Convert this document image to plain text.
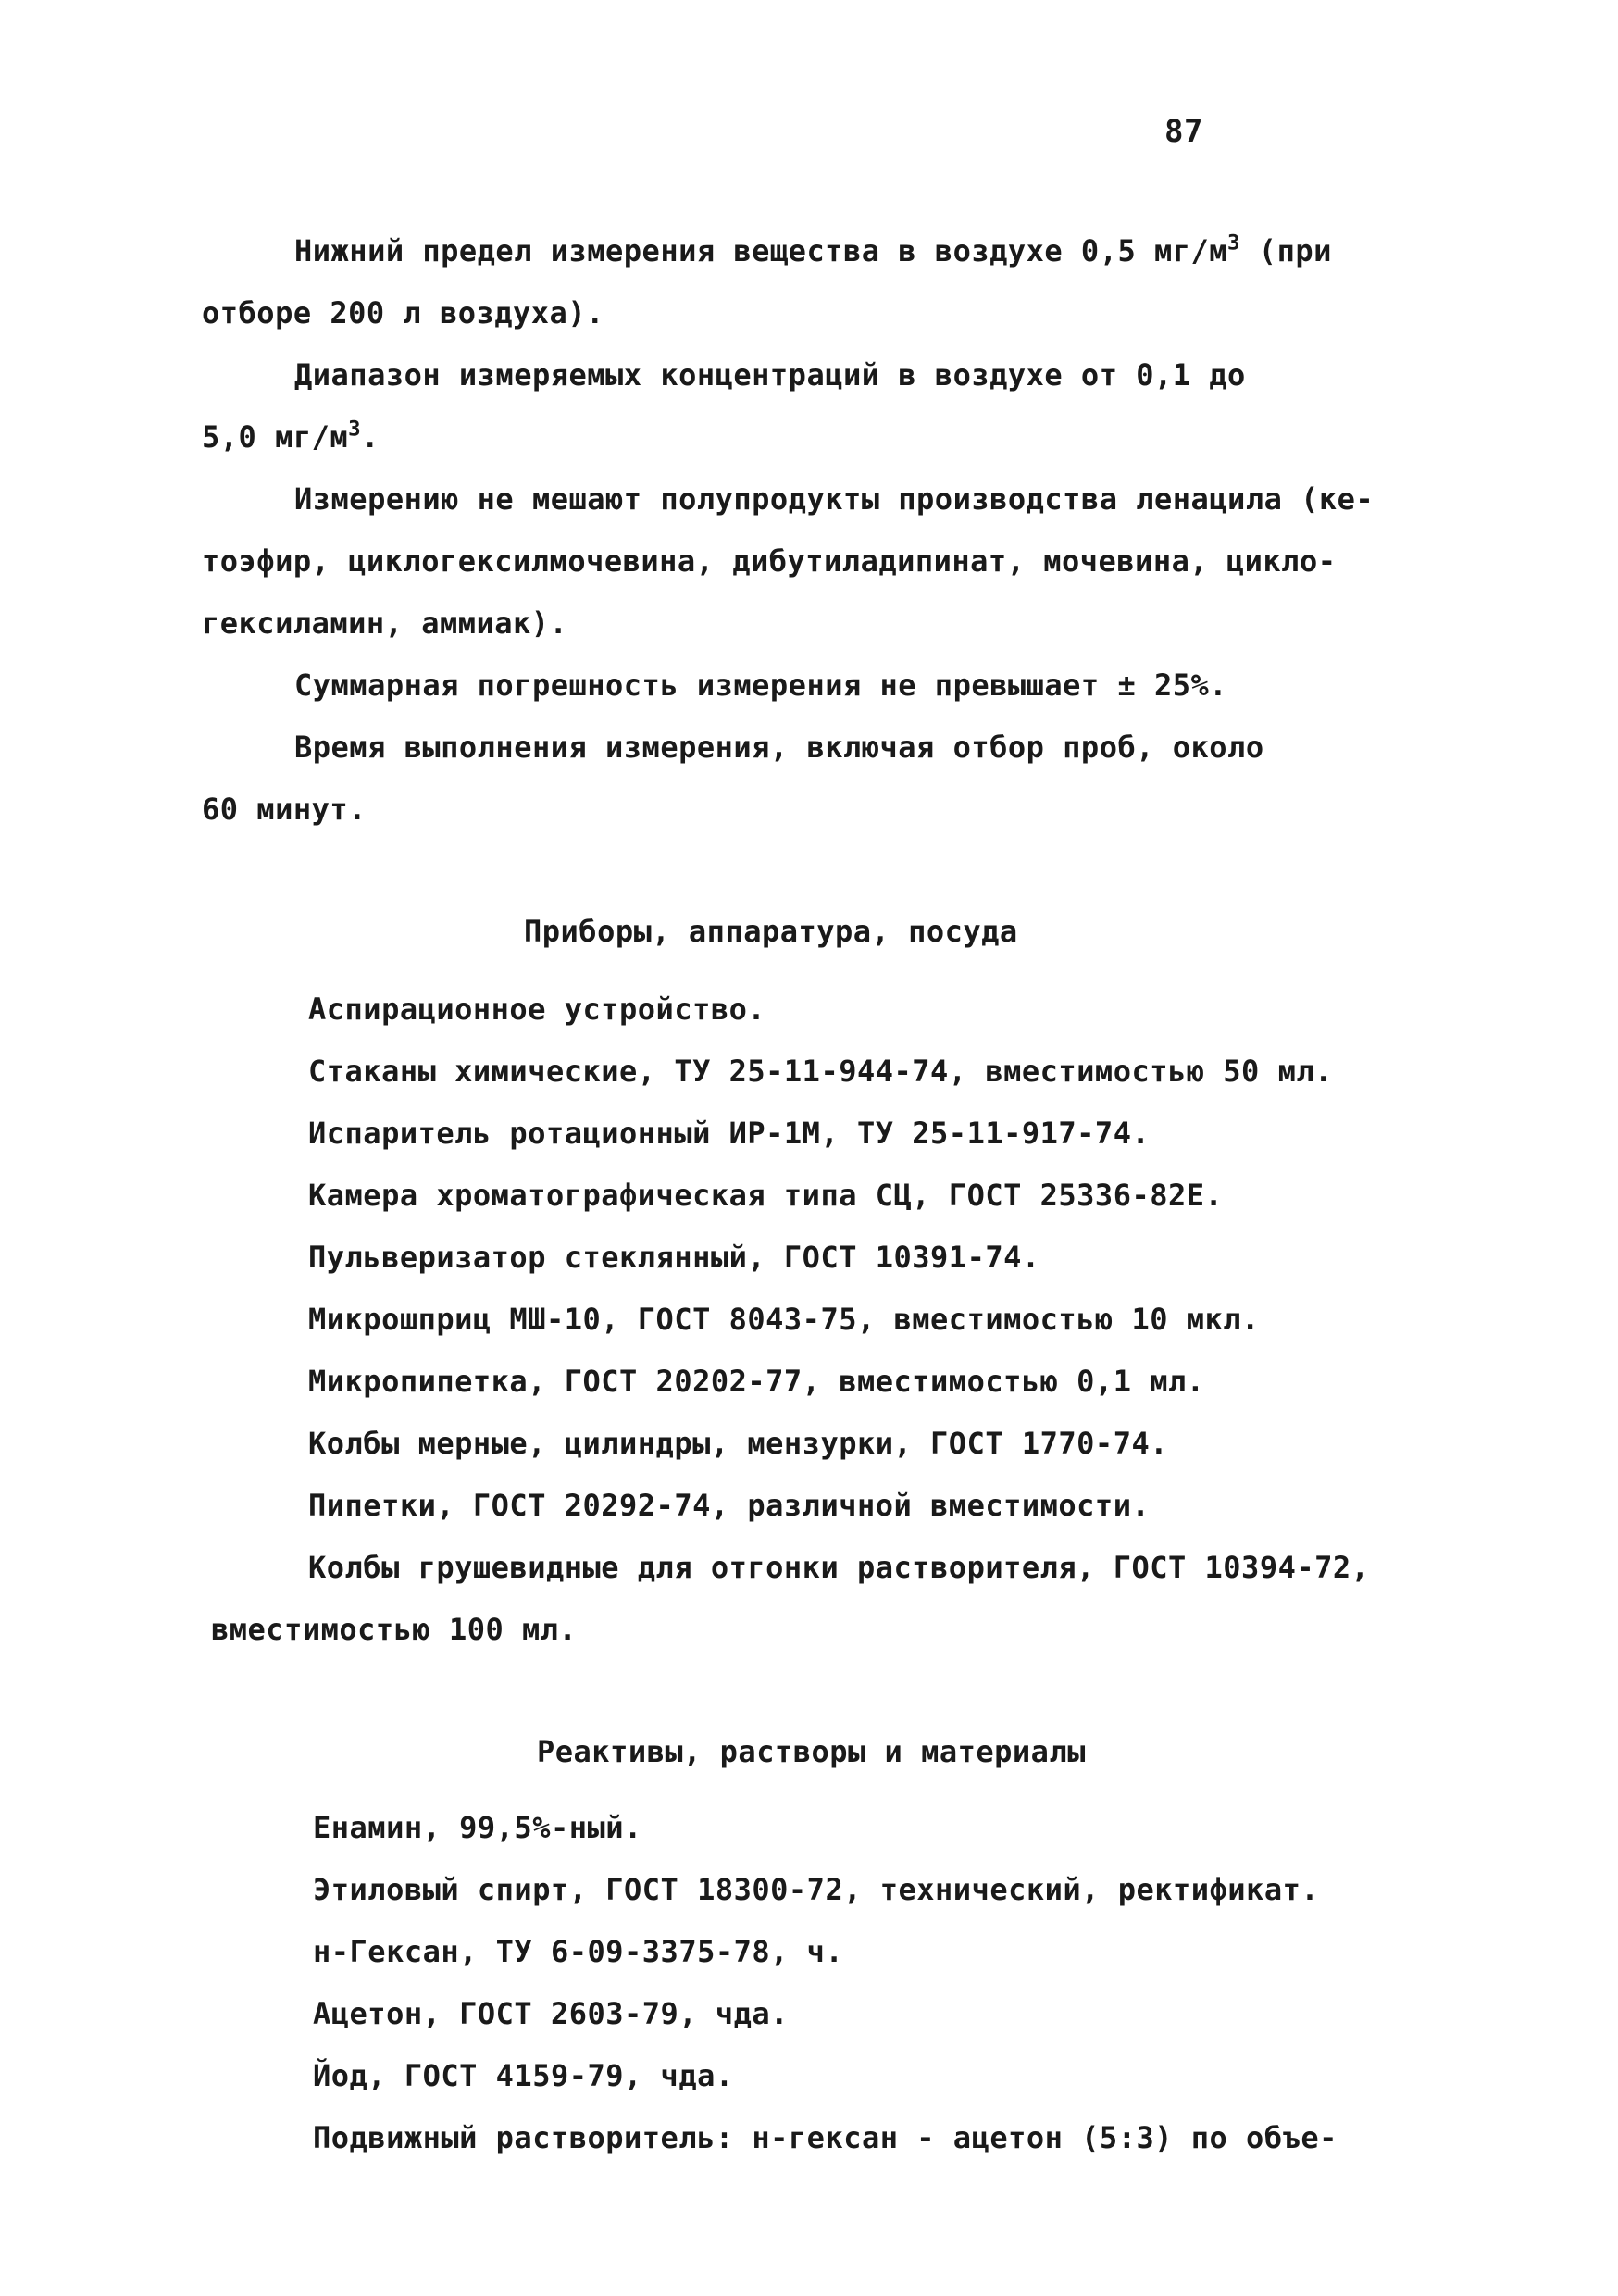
87
Нижний предел измерения вещества в воздухе 0,5 $мг/м^3$ (при
отборе 200 л воздуха).
Диапазон измеряемых концентраций в воздухе от 0,1 до
5,0 $мг/м^3$.
Измерению не мешают полупродукты производства ленацила (ке-
тоэфир, циклогексилмочевина, дибутиладипинат, мочевина, цикло-
гексиламин, аммиак).
Суммарная погрешность измерения не превышает ± 25%.
Время выполнения измерения, включая отбор проб, около
60 минут.
Приборы, аппаратура, посуда
Аспирационное устройство.
Стаканы химические, ТУ 25-11-944-74, вместимостью 50 мл.
Испаритель ротационный ИР-1М, ТУ 25-11-917-74.
Камера хроматографическая типа СЦ, ГОСТ 25336-82Е.
Пульверизатор стеклянный, ГОСТ 10391-74.
Микрошприц МШ-10, ГОСТ 8043-75, вместимостью 10 мкл.
Микропипетка, ГОСТ 20202-77, вместимостью 0,1 мл.
Колбы мерные, цилиндры, мензурки, ГОСТ 1770-74.
Пипетки, ГОСТ 20292-74, различной вместимости.
Колбы грушевидные для отгонки растворителя, ГОСТ 10394-72,
вместимостью 100 мл.
Реактивы, растворы и материалы
Енамин, 99,5%-ный.
Этиловый спирт, ГОСТ 18300-72, технический, ректификат.
н-Гексан, ТУ 6-09-3375-78, ч.
Ацетон, ГОСТ 2603-79, чда.
Йод, ГОСТ 4159-79, чда.
Подвижный растворитель: н-гексан - ацетон (5:3) по объе-
